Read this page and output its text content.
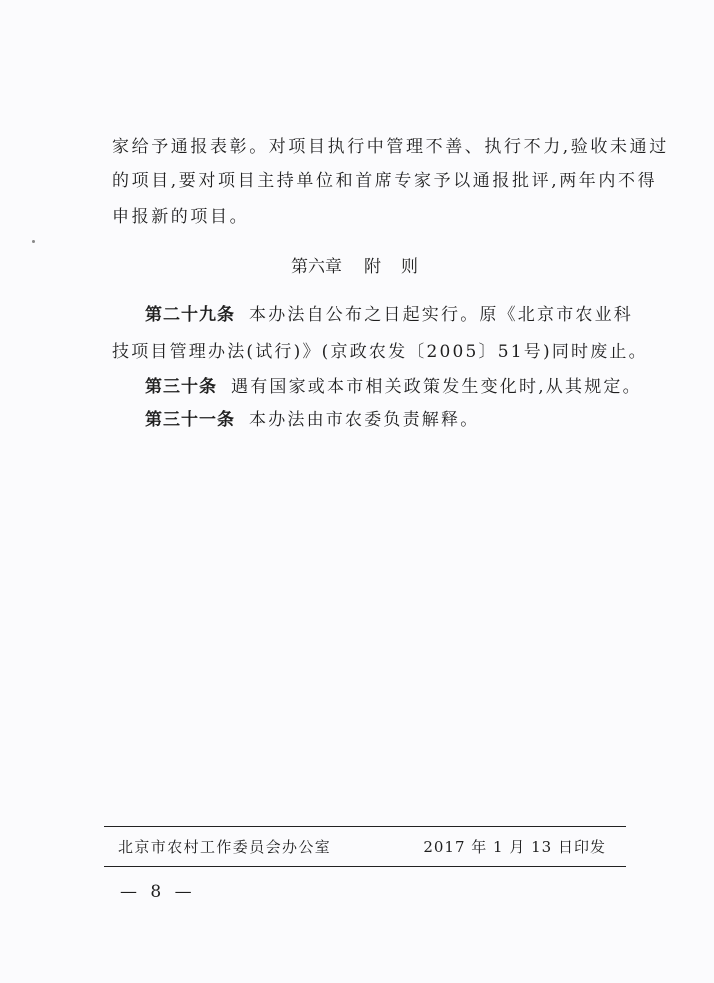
家给予通报表彰。对项目执行中管理不善、执行不力,验收未通过
的项目,要对项目主持单位和首席专家予以通报批评,两年内不得
申报新的项目。
第六章 附 则
第二十九条 本办法自公布之日起实行。原《北京市农业科
技项目管理办法(试行)》(京政农发〔2005〕51号)同时废止。
第三十条 遇有国家或本市相关政策发生变化时,从其规定。
第三十一条 本办法由市农委负责解释。
北京市农村工作委员会办公室	2017 年 1 月 13 日印发
— 8 —
